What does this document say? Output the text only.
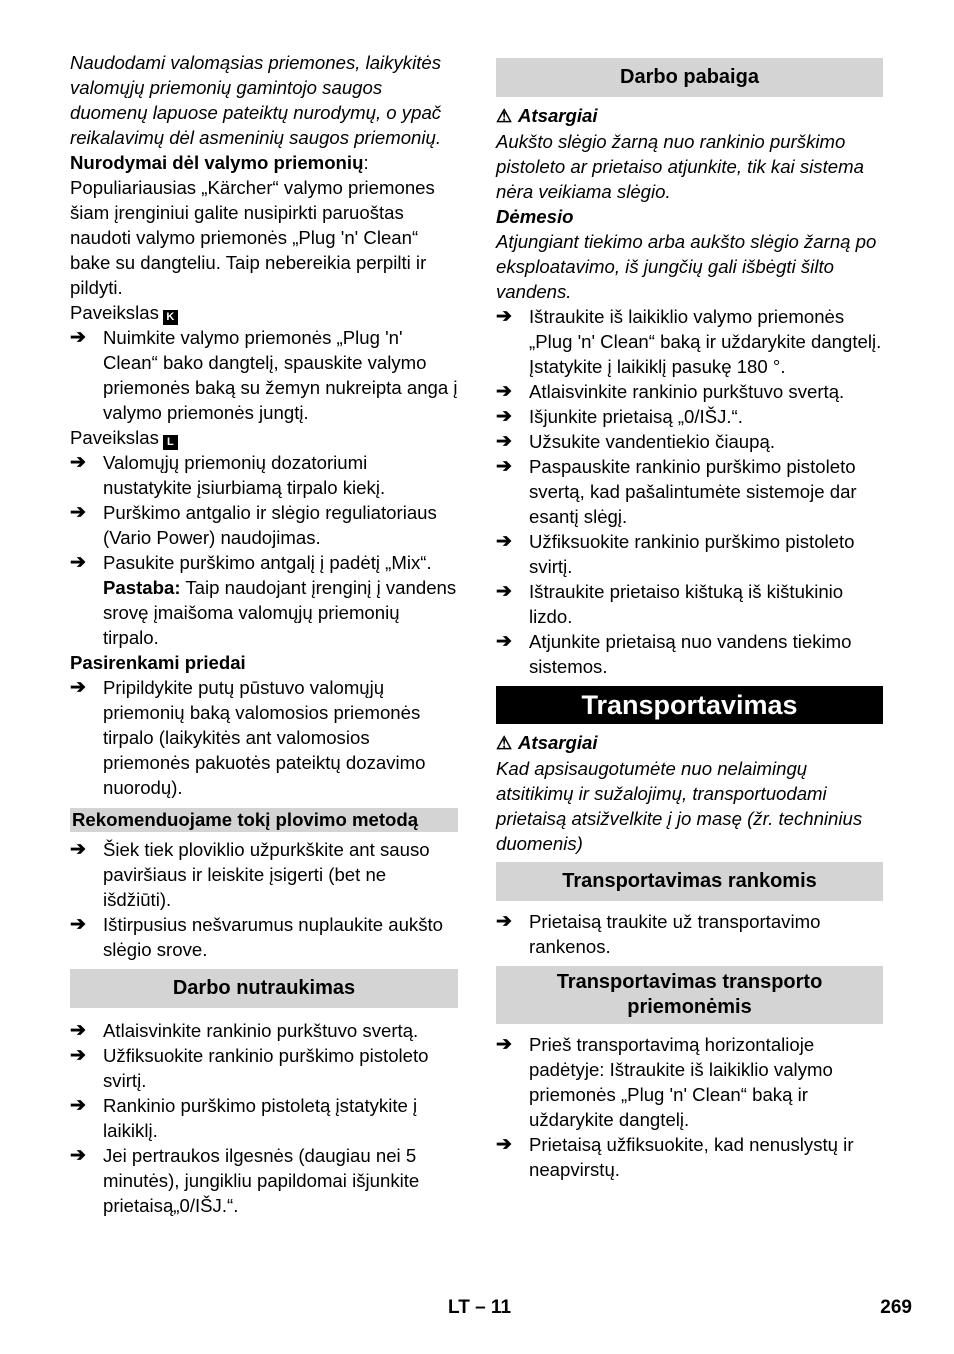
Naudodami valomąsias priemones, laikykitės valomųjų priemonių gamintojo saugos duomenų lapuose pateiktų nurodymų, o ypač reikalavimų dėl asmeninių saugos priemonių.

Nurodymai dėl valymo priemonių: Populiariausias „Kärcher“ valymo priemones šiam įrenginiui galite nusipirkti paruoštas naudoti valymo priemonės „Plug 'n' Clean“ bake su dangteliu. Taip nebereikia perpilti ir pildyti.

Paveikslas K

➔ Nuimkite valymo priemonės „Plug 'n' Clean“ bako dangtelį, spauskite valymo priemonės baką su žemyn nukreipta anga į valymo priemonės jungtį.

Paveikslas L

➔ Valomųjų priemonių dozatoriumi nustatykite įsiurbiamą tirpalo kiekį.
➔ Purškimo antgalio ir slėgio reguliatoriaus (Vario Power) naudojimas.
➔ Pasukite purškimo antgalį į padėtį „Mix“.
Pastaba: Taip naudojant įrenginį į vandens srovę įmaišoma valomųjų priemonių tirpalo.

Pasirenkami priedai

➔ Pripildykite putų pūstuvo valomųjų priemonių baką valomosios priemonės tirpalo (laikykitės ant valomosios priemonės pakuotės pateiktų dozavimo nuorodų).
Rekomenduojame tokį plovimo metodą
➔ Šiek tiek ploviklio užpurkškite ant sauso paviršiaus ir leiskite įsigerti (bet ne išdžiūti).
➔ Ištirpusius nešvarumus nuplaukite aukšto slėgio srove.
Darbo nutraukimas
➔ Atlaisvinkite rankinio purkštuvo svertą.
➔ Užfiksuokite rankinio purškimo pistoleto svirtį.
➔ Rankinio purškimo pistoletą įstatykite į laikiklį.
➔ Jei pertraukos ilgesnės (daugiau nei 5 minutės), jungikliu papildomai išjunkite prietaisą„0/IŠJ.“.
Darbo pabaiga

⚠ Atsargiai

Aukšto slėgio žarną nuo rankinio purškimo pistoleto ar prietaiso atjunkite, tik kai sistema nėra veikiama slėgio.

Dėmesio

Atjungiant tiekimo arba aukšto slėgio žarną po eksploatavimo, iš jungčių gali išbėgti šilto vandens.

➔ Ištraukite iš laikiklio valymo priemonės „Plug 'n' Clean“ baką ir uždarykite dangtelį. Įstatykite į laikiklį pasukę 180 °.
➔ Atlaisvinkite rankinio purkštuvo svertą.
➔ Išjunkite prietaisą „0/IŠJ.“.
➔ Užsukite vandentiekio čiaupą.
➔ Paspauskite rankinio purškimo pistoleto svertą, kad pašalintumėte sistemoje dar esantį slėgį.
➔ Užfiksuokite rankinio purškimo pistoleto svirtį.
➔ Ištraukite prietaiso kištuką iš kištukinio lizdo.
➔ Atjunkite prietaisą nuo vandens tiekimo sistemos.
Transportavimas

⚠ Atsargiai

Kad apsisaugotumėte nuo nelaimingų atsitikimų ir sužalojimų, transportuodami prietaisą atsižvelkite į jo masę (žr. techninius duomenis)

Transportavimas rankomis
➔ Prietaisą traukite už transportavimo rankenos.
Transportavimas transporto priemonėmis
➔ Prieš transportavimą horizontalioje padėtyje: Ištraukite iš laikiklio valymo priemonės „Plug 'n' Clean“ baką ir uždarykite dangtelį.
➔ Prietaisą užfiksuokite, kad nenuslystų ir neapvirstų.
LT – 11	269
